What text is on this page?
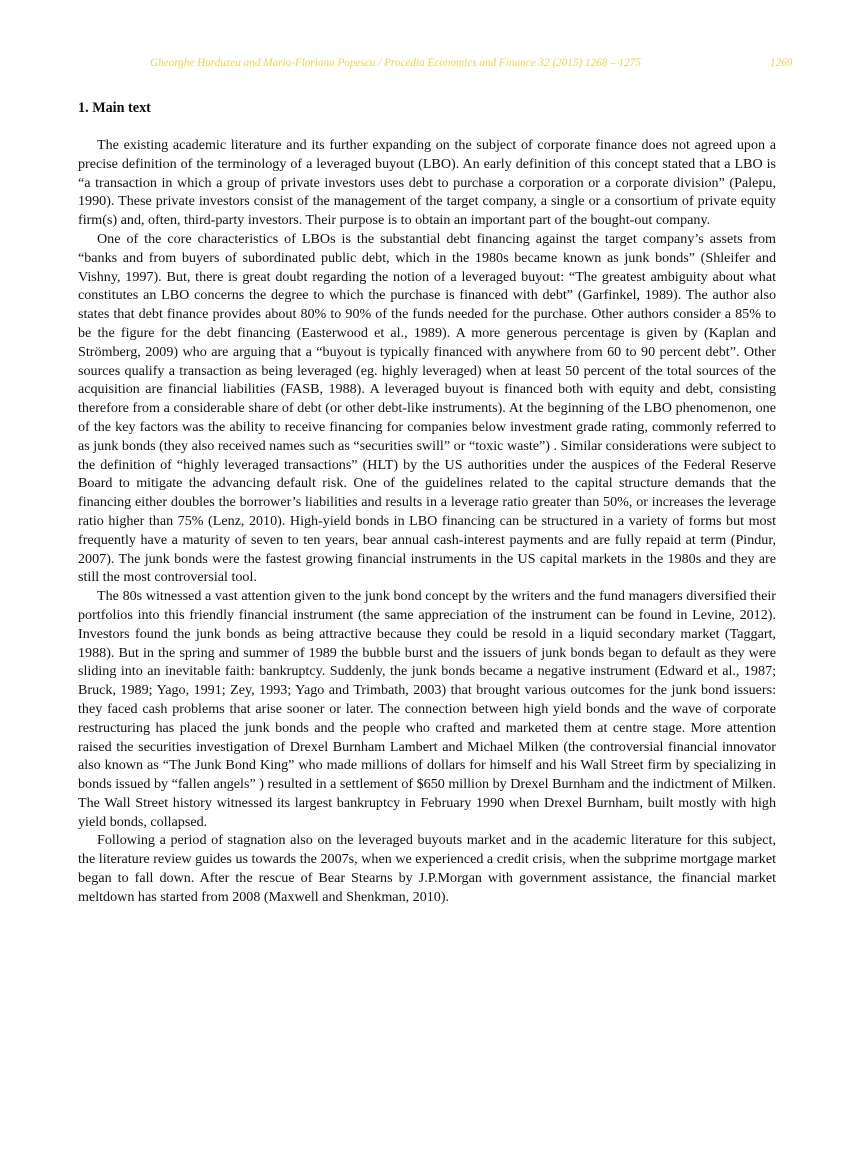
Gheorghe Hurduzeu and Maria-Floriana Popescu / Procedia Economics and Finance 32 (2015) 1268 – 1275	1269
1. Main text

The existing academic literature and its further expanding on the subject of corporate finance does not agreed upon a precise definition of the terminology of a leveraged buyout (LBO). An early definition of this concept stated that a LBO is “a transaction in which a group of private investors uses debt to purchase a corporation or a corporate division” (Palepu, 1990). These private investors consist of the management of the target company, a single or a consortium of private equity firm(s) and, often, third-party investors. Their purpose is to obtain an important part of the bought-out company.

One of the core characteristics of LBOs is the substantial debt financing against the target company’s assets from “banks and from buyers of subordinated public debt, which in the 1980s became known as junk bonds” (Shleifer and Vishny, 1997). But, there is great doubt regarding the notion of a leveraged buyout: “The greatest ambiguity about what constitutes an LBO concerns the degree to which the purchase is financed with debt” (Garfinkel, 1989). The author also states that debt finance provides about 80% to 90% of the funds needed for the purchase. Other authors consider a 85% to be the figure for the debt financing (Easterwood et al., 1989). A more generous percentage is given by (Kaplan and Strömberg, 2009) who are arguing that a “buyout is typically financed with anywhere from 60 to 90 percent debt”. Other sources qualify a transaction as being leveraged (eg. highly leveraged) when at least 50 percent of the total sources of the acquisition are financial liabilities (FASB, 1988). A leveraged buyout is financed both with equity and debt, consisting therefore from a considerable share of debt (or other debt-like instruments). At the beginning of the LBO phenomenon, one of the key factors was the ability to receive financing for companies below investment grade rating, commonly referred to as junk bonds (they also received names such as “securities swill” or “toxic waste”) . Similar considerations were subject to the definition of “highly leveraged transactions” (HLT) by the US authorities under the auspices of the Federal Reserve Board to mitigate the advancing default risk. One of the guidelines related to the capital structure demands that the financing either doubles the borrower’s liabilities and results in a leverage ratio greater than 50%, or increases the leverage ratio higher than 75% (Lenz, 2010). High-yield bonds in LBO financing can be structured in a variety of forms but most frequently have a maturity of seven to ten years, bear annual cash-interest payments and are fully repaid at term (Pindur, 2007). The junk bonds were the fastest growing financial instruments in the US capital markets in the 1980s and they are still the most controversial tool.

The 80s witnessed a vast attention given to the junk bond concept by the writers and the fund managers diversified their portfolios into this friendly financial instrument (the same appreciation of the instrument can be found in Levine, 2012). Investors found the junk bonds as being attractive because they could be resold in a liquid secondary market (Taggart, 1988). But in the spring and summer of 1989 the bubble burst and the issuers of junk bonds began to default as they were sliding into an inevitable faith: bankruptcy. Suddenly, the junk bonds became a negative instrument (Edward et al., 1987; Bruck, 1989; Yago, 1991; Zey, 1993; Yago and Trimbath, 2003) that brought various outcomes for the junk bond issuers: they faced cash problems that arise sooner or later. The connection between high yield bonds and the wave of corporate restructuring has placed the junk bonds and the people who crafted and marketed them at centre stage. More attention raised the securities investigation of Drexel Burnham Lambert and Michael Milken (the controversial financial innovator also known as “The Junk Bond King” who made millions of dollars for himself and his Wall Street firm by specializing in bonds issued by “fallen angels” ) resulted in a settlement of $650 million by Drexel Burnham and the indictment of Milken. The Wall Street history witnessed its largest bankruptcy in February 1990 when Drexel Burnham, built mostly with high yield bonds, collapsed.

Following a period of stagnation also on the leveraged buyouts market and in the academic literature for this subject, the literature review guides us towards the 2007s, when we experienced a credit crisis, when the subprime mortgage market began to fall down. After the rescue of Bear Stearns by J.P.Morgan with government assistance, the financial market meltdown has started from 2008 (Maxwell and Shenkman, 2010).
